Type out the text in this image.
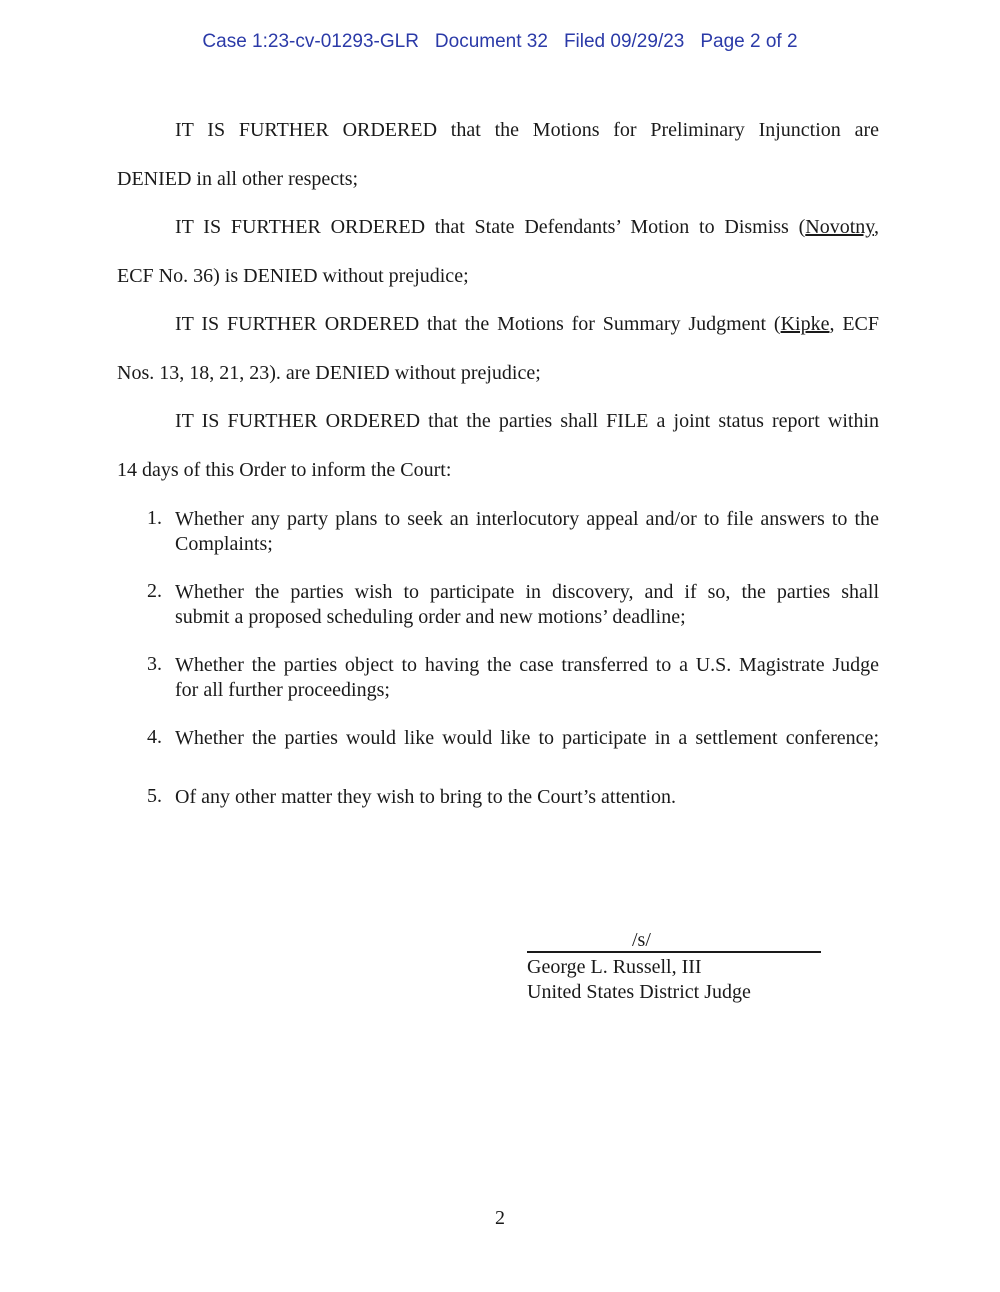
Case 1:23-cv-01293-GLR Document 32 Filed 09/29/23 Page 2 of 2
IT IS FURTHER ORDERED that the Motions for Preliminary Injunction are
DENIED in all other respects;
IT IS FURTHER ORDERED that State Defendants’ Motion to Dismiss (Novotny,
ECF No. 36) is DENIED without prejudice;
IT IS FURTHER ORDERED that the Motions for Summary Judgment (Kipke, ECF
Nos. 13, 18, 21, 23). are DENIED without prejudice;
IT IS FURTHER ORDERED that the parties shall FILE a joint status report within
14 days of this Order to inform the Court:
1. Whether any party plans to seek an interlocutory appeal and/or to file answers to the
Complaints;
2. Whether the parties wish to participate in discovery, and if so, the parties shall
submit a proposed scheduling order and new motions’ deadline;
3. Whether the parties object to having the case transferred to a U.S. Magistrate Judge
for all further proceedings;
4. Whether the parties would like would like to participate in a settlement conference;
5. Of any other matter they wish to bring to the Court’s attention.
/s/
George L. Russell, III
United States District Judge
2
